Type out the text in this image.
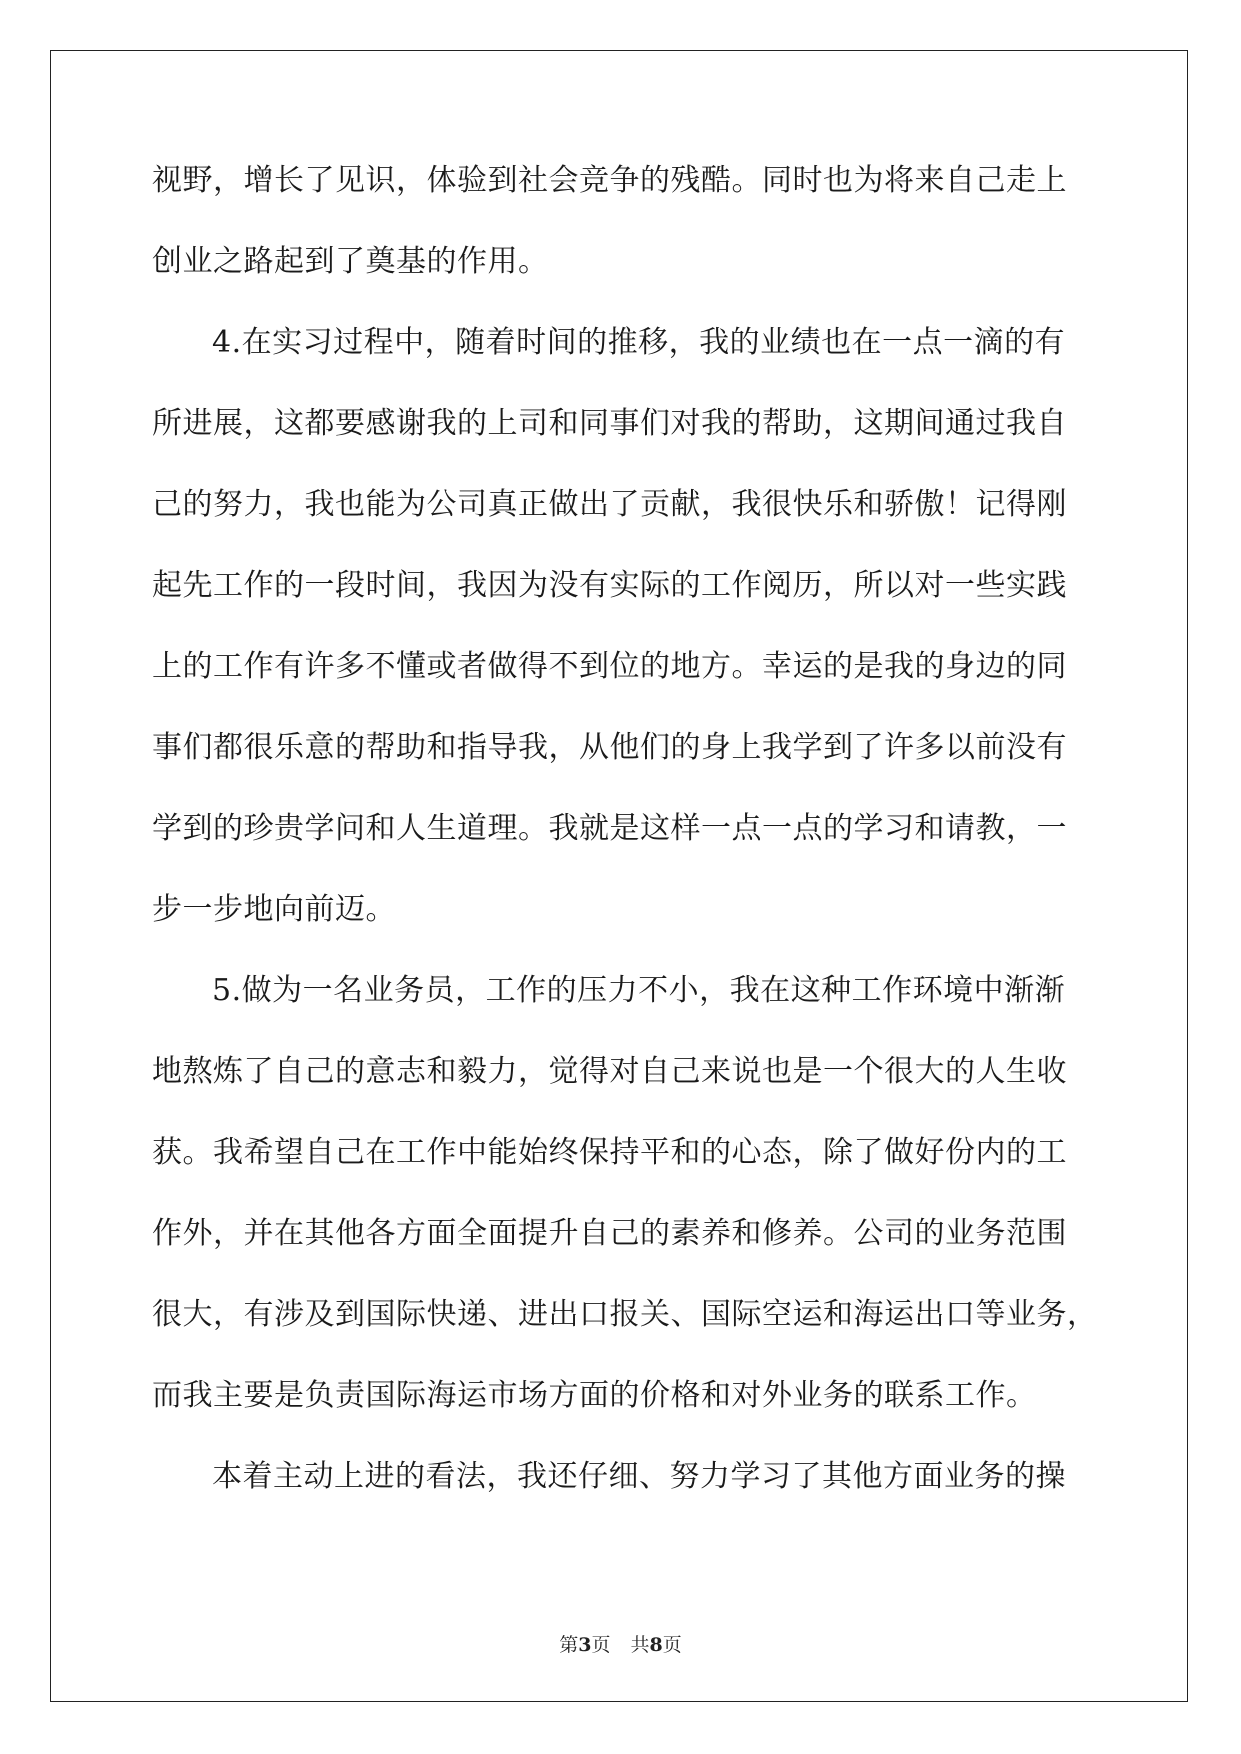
视野，增长了见识，体验到社会竞争的残酷。同时也为将来自己走上
创业之路起到了奠基的作用。
4.在实习过程中，随着时间的推移，我的业绩也在一点一滴的有
所进展，这都要感谢我的上司和同事们对我的帮助，这期间通过我自
己的努力，我也能为公司真正做出了贡献，我很快乐和骄傲！记得刚
起先工作的一段时间，我因为没有实际的工作阅历，所以对一些实践
上的工作有许多不懂或者做得不到位的地方。幸运的是我的身边的同
事们都很乐意的帮助和指导我，从他们的身上我学到了许多以前没有
学到的珍贵学问和人生道理。我就是这样一点一点的学习和请教，一
步一步地向前迈。
5.做为一名业务员，工作的压力不小，我在这种工作环境中渐渐
地熬炼了自己的意志和毅力，觉得对自己来说也是一个很大的人生收
获。我希望自己在工作中能始终保持平和的心态，除了做好份内的工
作外，并在其他各方面全面提升自己的素养和修养。公司的业务范围
很大，有涉及到国际快递、进出口报关、国际空运和海运出口等业务，
而我主要是负责国际海运市场方面的价格和对外业务的联系工作。
本着主动上进的看法，我还仔细、努力学习了其他方面业务的操
第3页 共8页
